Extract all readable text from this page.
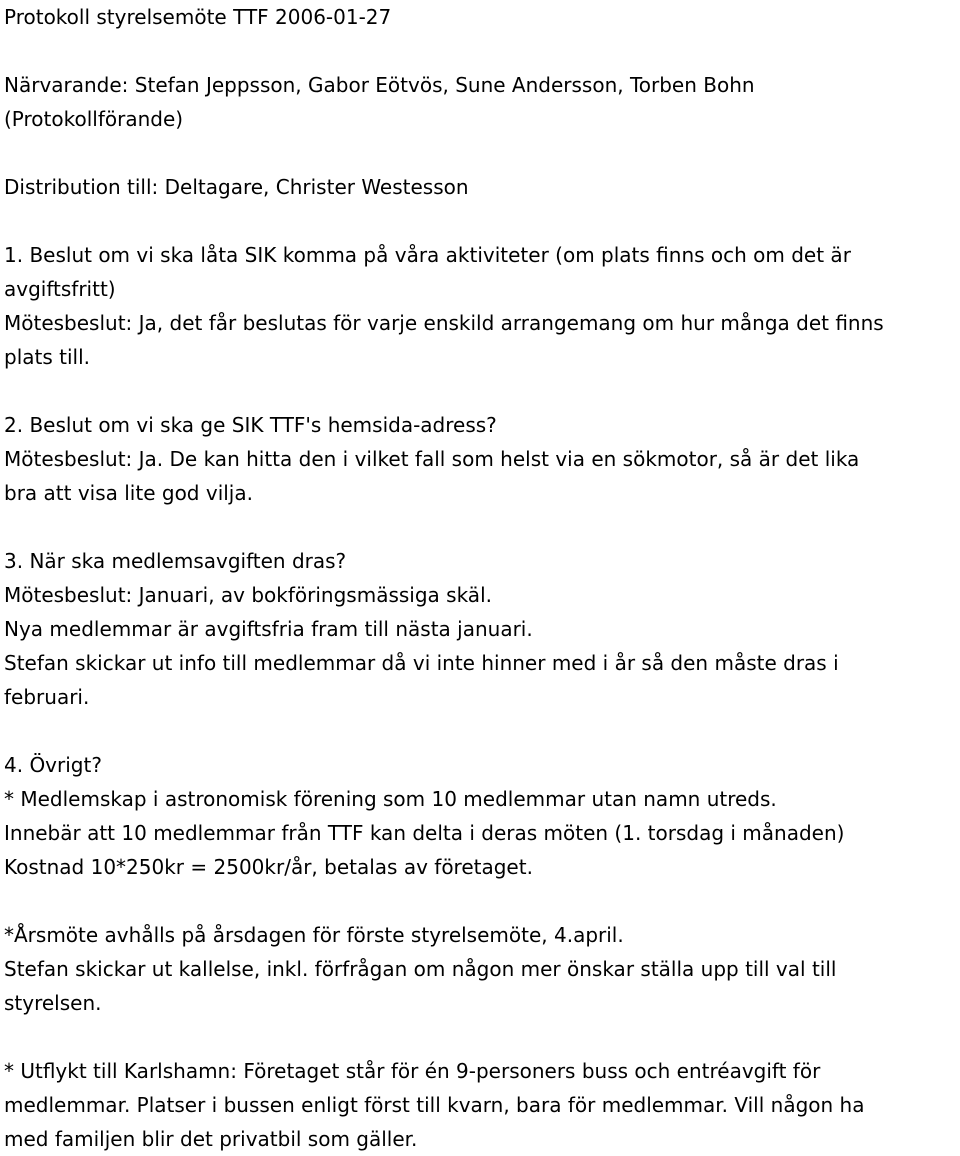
Protokoll styrelsemöte TTF 2006-01-27
Närvarande: Stefan Jeppsson, Gabor Eötvös, Sune Andersson, Torben Bohn
(Protokollförande)
Distribution till: Deltagare, Christer Westesson
1. Beslut om vi ska låta SIK komma på våra aktiviteter (om plats finns och om det är
avgiftsfritt)
Mötesbeslut: Ja, det får beslutas för varje enskild arrangemang om hur många det finns
plats till.
2. Beslut om vi ska ge SIK TTF's hemsida-adress?
Mötesbeslut: Ja. De kan hitta den i vilket fall som helst via en sökmotor, så är det lika
bra att visa lite god vilja.
3. När ska medlemsavgiften dras?
Mötesbeslut: Januari, av bokföringsmässiga skäl.
Nya medlemmar är avgiftsfria fram till nästa januari.
Stefan skickar ut info till medlemmar då vi inte hinner med i år så den måste dras i
februari.
4. Övrigt?
* Medlemskap i astronomisk förening som 10 medlemmar utan namn utreds.
Innebär att 10 medlemmar från TTF kan delta i deras möten (1. torsdag i månaden)
Kostnad 10*250kr = 2500kr/år, betalas av företaget.
*Årsmöte avhålls på årsdagen för förste styrelsemöte, 4.april.
Stefan skickar ut kallelse, inkl. förfrågan om någon mer önskar ställa upp till val till
styrelsen.
* Utflykt till Karlshamn: Företaget står för én 9-personers buss och entréavgift för
medlemmar. Platser i bussen enligt först till kvarn, bara för medlemmar. Vill någon ha
med familjen blir det privatbil som gäller.
